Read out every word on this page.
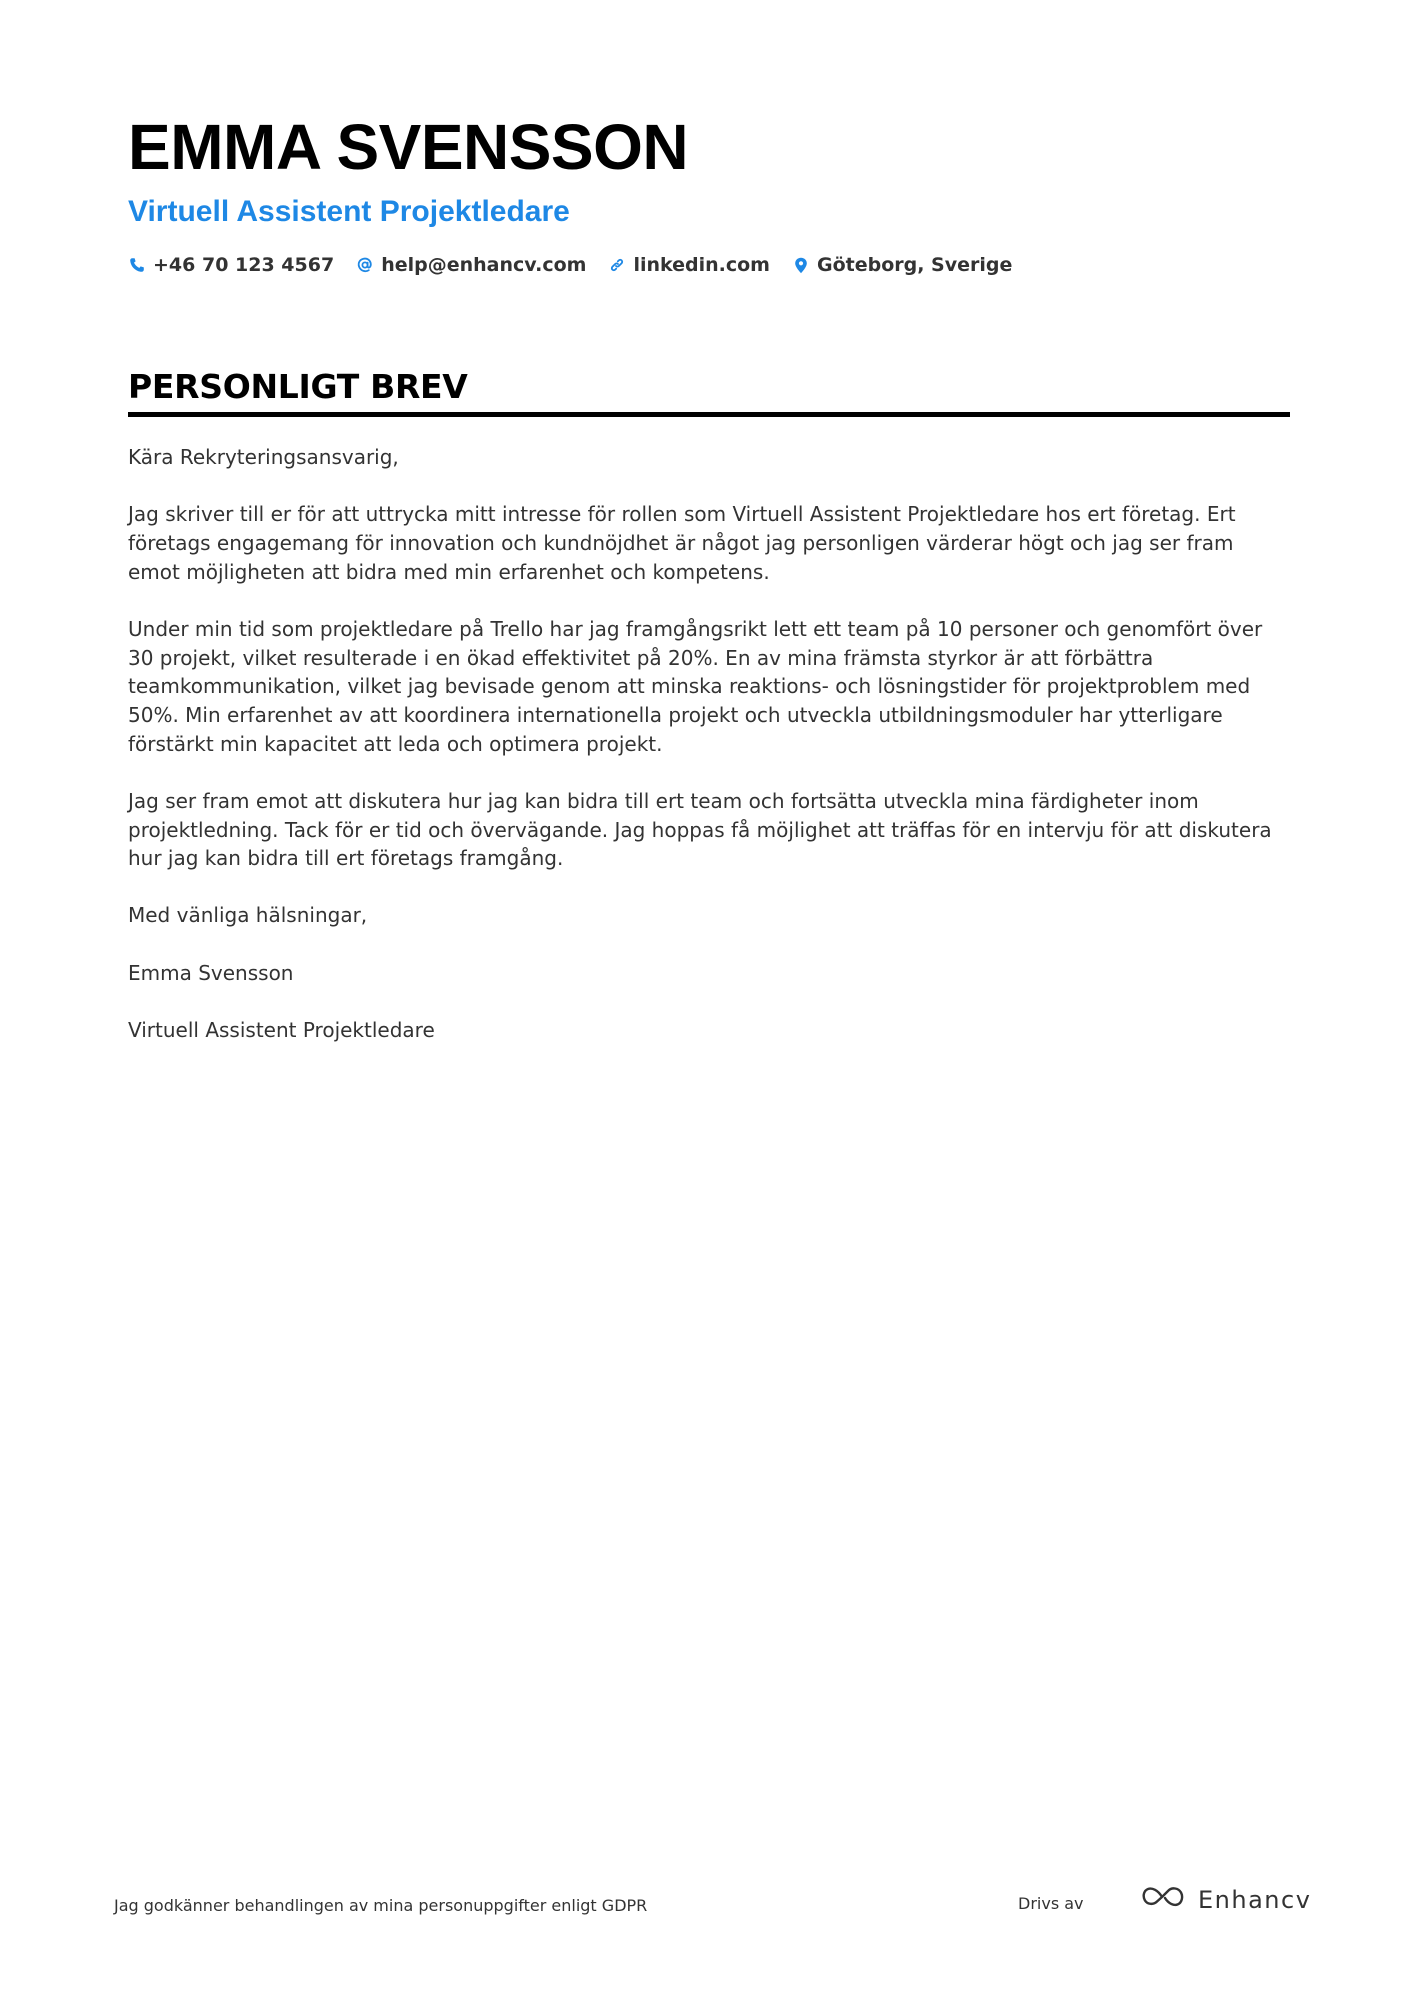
EMMA SVENSSON
Virtuell Assistent Projektledare
+46 70 123 4567 help@enhancv.com linkedin.com Göteborg, Sverige
PERSONLIGT BREV

Kära Rekryteringsansvarig,

Jag skriver till er för att uttrycka mitt intresse för rollen som Virtuell Assistent Projektledare hos ert företag. Ert företags engagemang för innovation och kundnöjdhet är något jag personligen värderar högt och jag ser fram emot möjligheten att bidra med min erfarenhet och kompetens.

Under min tid som projektledare på Trello har jag framgångsrikt lett ett team på 10 personer och genomfört över 30 projekt, vilket resulterade i en ökad effektivitet på 20%. En av mina främsta styrkor är att förbättra teamkommunikation, vilket jag bevisade genom att minska reaktions- och lösningstider för projektproblem med 50%. Min erfarenhet av att koordinera internationella projekt och utveckla utbildningsmoduler har ytterligare förstärkt min kapacitet att leda och optimera projekt.

Jag ser fram emot att diskutera hur jag kan bidra till ert team och fortsätta utveckla mina färdigheter inom projektledning. Tack för er tid och övervägande. Jag hoppas få möjlighet att träffas för en intervju för att diskutera hur jag kan bidra till ert företags framgång.

Med vänliga hälsningar,

Emma Svensson

Virtuell Assistent Projektledare

Jag godkänner behandlingen av mina personuppgifter enligt GDPR	Drivs av	Enhancv
